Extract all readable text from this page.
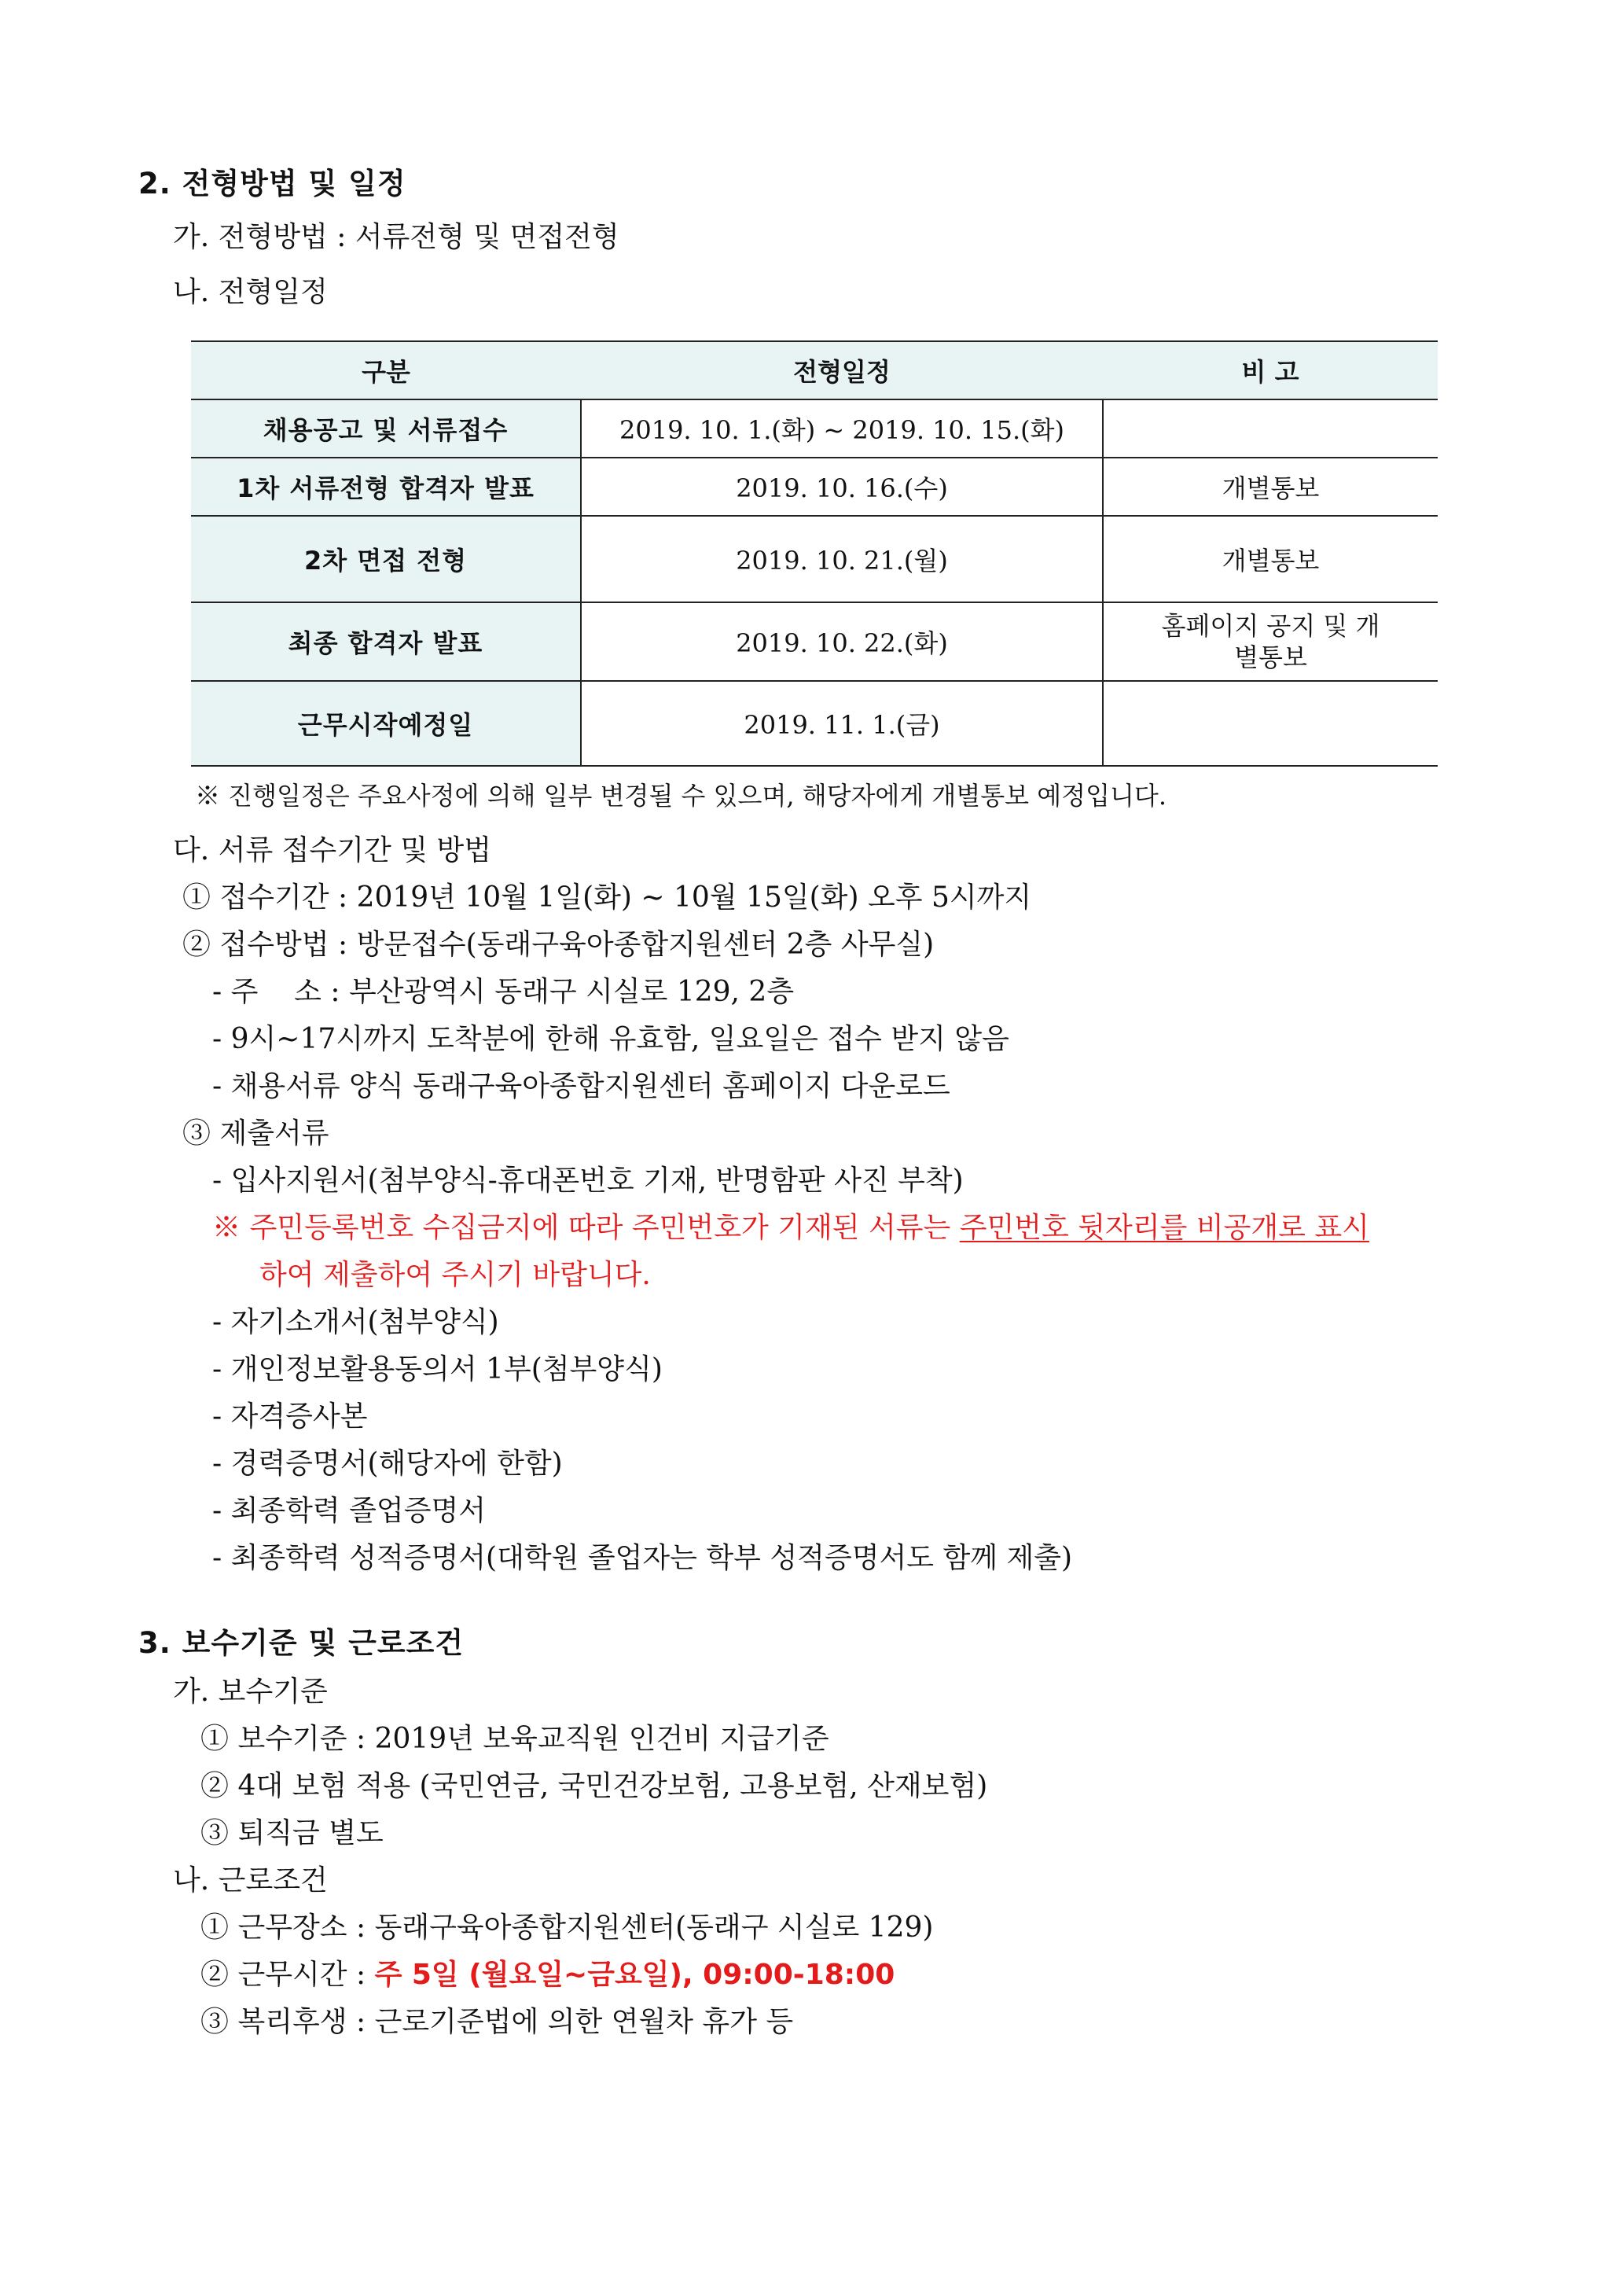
2. 전형방법 및 일정
가. 전형방법 : 서류전형 및 면접전형
나. 전형일정
구분	전형일정	비 고
채용공고 및 서류접수	2019. 10. 1.(화) ~ 2019. 10. 15.(화)	
1차 서류전형 합격자 발표	2019. 10. 16.(수)	개별통보
2차 면접 전형	2019. 10. 21.(월)	개별통보
최종 합격자 발표	2019. 10. 22.(화)	홈페이지 공지 및 개별통보
근무시작예정일	2019. 11. 1.(금)	
※ 진행일정은 주요사정에 의해 일부 변경될 수 있으며, 해당자에게 개별통보 예정입니다.
다. 서류 접수기간 및 방법
① 접수기간 : 2019년 10월 1일(화) ~ 10월 15일(화) 오후 5시까지
② 접수방법 : 방문접수(동래구육아종합지원센터 2층 사무실)
- 주    소 : 부산광역시 동래구 시실로 129, 2층
- 9시~17시까지 도착분에 한해 유효함, 일요일은 접수 받지 않음
- 채용서류 양식 동래구육아종합지원센터 홈페이지 다운로드
③ 제출서류
- 입사지원서(첨부양식-휴대폰번호 기재, 반명함판 사진 부착)
※ 주민등록번호 수집금지에 따라 주민번호가 기재된 서류는 주민번호 뒷자리를 비공개로 표시
하여 제출하여 주시기 바랍니다.
- 자기소개서(첨부양식)
- 개인정보활용동의서 1부(첨부양식)
- 자격증사본
- 경력증명서(해당자에 한함)
- 최종학력 졸업증명서
- 최종학력 성적증명서(대학원 졸업자는 학부 성적증명서도 함께 제출)
3. 보수기준 및 근로조건
가. 보수기준
① 보수기준 : 2019년 보육교직원 인건비 지급기준
② 4대 보험 적용 (국민연금, 국민건강보험, 고용보험, 산재보험)
③ 퇴직금 별도
나. 근로조건
① 근무장소 : 동래구육아종합지원센터(동래구 시실로 129)
② 근무시간 : 주 5일 (월요일~금요일), 09:00-18:00
③ 복리후생 : 근로기준법에 의한 연월차 휴가 등
